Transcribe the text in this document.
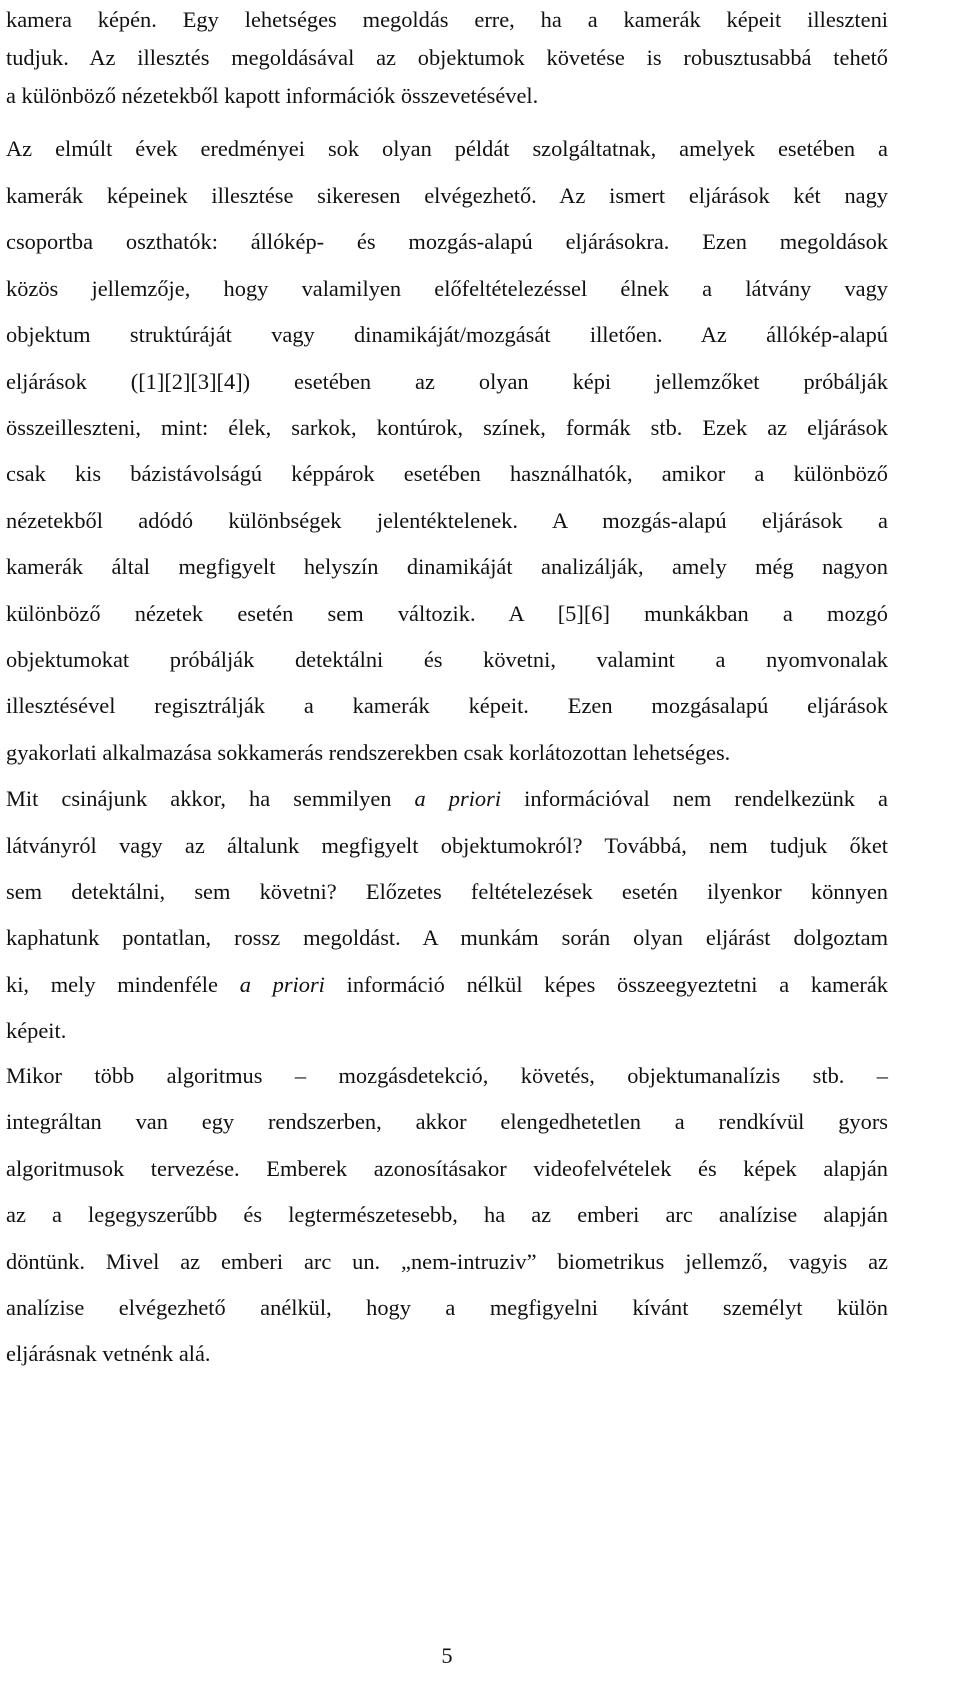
kamera képén. Egy lehetséges megoldás erre, ha a kamerák képeit illeszteni
tudjuk. Az illesztés megoldásával az objektumok követése is robusztusabbá tehető
a különböző nézetekből kapott információk összevetésével.
Az elmúlt évek eredményei sok olyan példát szolgáltatnak, amelyek esetében a
kamerák képeinek illesztése sikeresen elvégezhető. Az ismert eljárások két nagy
csoportba oszthatók: állókép- és mozgás-alapú eljárásokra. Ezen megoldások
közös jellemzője, hogy valamilyen előfeltételezéssel élnek a látvány vagy
objektum struktúráját vagy dinamikáját/mozgását illetően. Az állókép-alapú
eljárások ([1][2][3][4]) esetében az olyan képi jellemzőket próbálják
összeilleszteni, mint: élek, sarkok, kontúrok, színek, formák stb. Ezek az eljárások
csak kis bázistávolságú képpárok esetében használhatók, amikor a különböző
nézetekből adódó különbségek jelentéktelenek. A mozgás-alapú eljárások a
kamerák által megfigyelt helyszín dinamikáját analizálják, amely még nagyon
különböző nézetek esetén sem változik. A [5][6] munkákban a mozgó
objektumokat próbálják detektálni és követni, valamint a nyomvonalak
illesztésével regisztrálják a kamerák képeit. Ezen mozgásalapú eljárások
gyakorlati alkalmazása sokkamerás rendszerekben csak korlátozottan lehetséges.
Mit csinájunk akkor, ha semmilyen a priori információval nem rendelkezünk a
látványról vagy az általunk megfigyelt objektumokról? Továbbá, nem tudjuk őket
sem detektálni, sem követni? Előzetes feltételezések esetén ilyenkor könnyen
kaphatunk pontatlan, rossz megoldást. A munkám során olyan eljárást dolgoztam
ki, mely mindenféle a priori információ nélkül képes összeegyeztetni a kamerák
képeit.
Mikor több algoritmus – mozgásdetekció, követés, objektumanalízis stb. –
integráltan van egy rendszerben, akkor elengedhetetlen a rendkívül gyors
algoritmusok tervezése. Emberek azonosításakor videofelvételek és képek alapján
az a legegyszerűbb és legtermészetesebb, ha az emberi arc analízise alapján
döntünk. Mivel az emberi arc un. „nem-intruziv” biometrikus jellemző, vagyis az
analízise elvégezhető anélkül, hogy a megfigyelni kívánt személyt külön
eljárásnak vetnénk alá.
5
